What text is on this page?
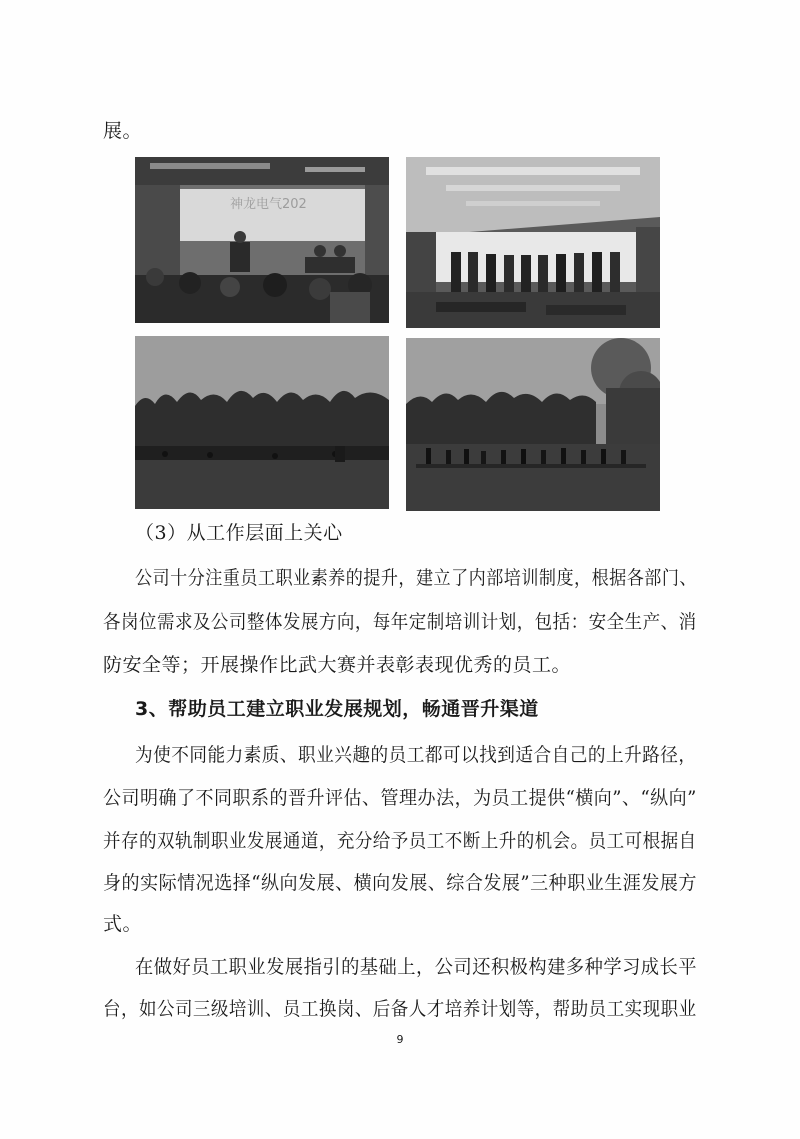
展。
神龙电气202
（3）从工作层面上关心
公司十分注重员工职业素养的提升，建立了内部培训制度，根据各部门、
各岗位需求及公司整体发展方向，每年定制培训计划，包括：安全生产、消
防安全等；开展操作比武大赛并表彰表现优秀的员工。
3、帮助员工建立职业发展规划，畅通晋升渠道
为使不同能力素质、职业兴趣的员工都可以找到适合自己的上升路径，
公司明确了不同职系的晋升评估、管理办法，为员工提供“横向”、“纵向”
并存的双轨制职业发展通道，充分给予员工不断上升的机会。员工可根据自
身的实际情况选择“纵向发展、横向发展、综合发展”三种职业生涯发展方
式。
在做好员工职业发展指引的基础上，公司还积极构建多种学习成长平
台，如公司三级培训、员工换岗、后备人才培养计划等，帮助员工实现职业
9
